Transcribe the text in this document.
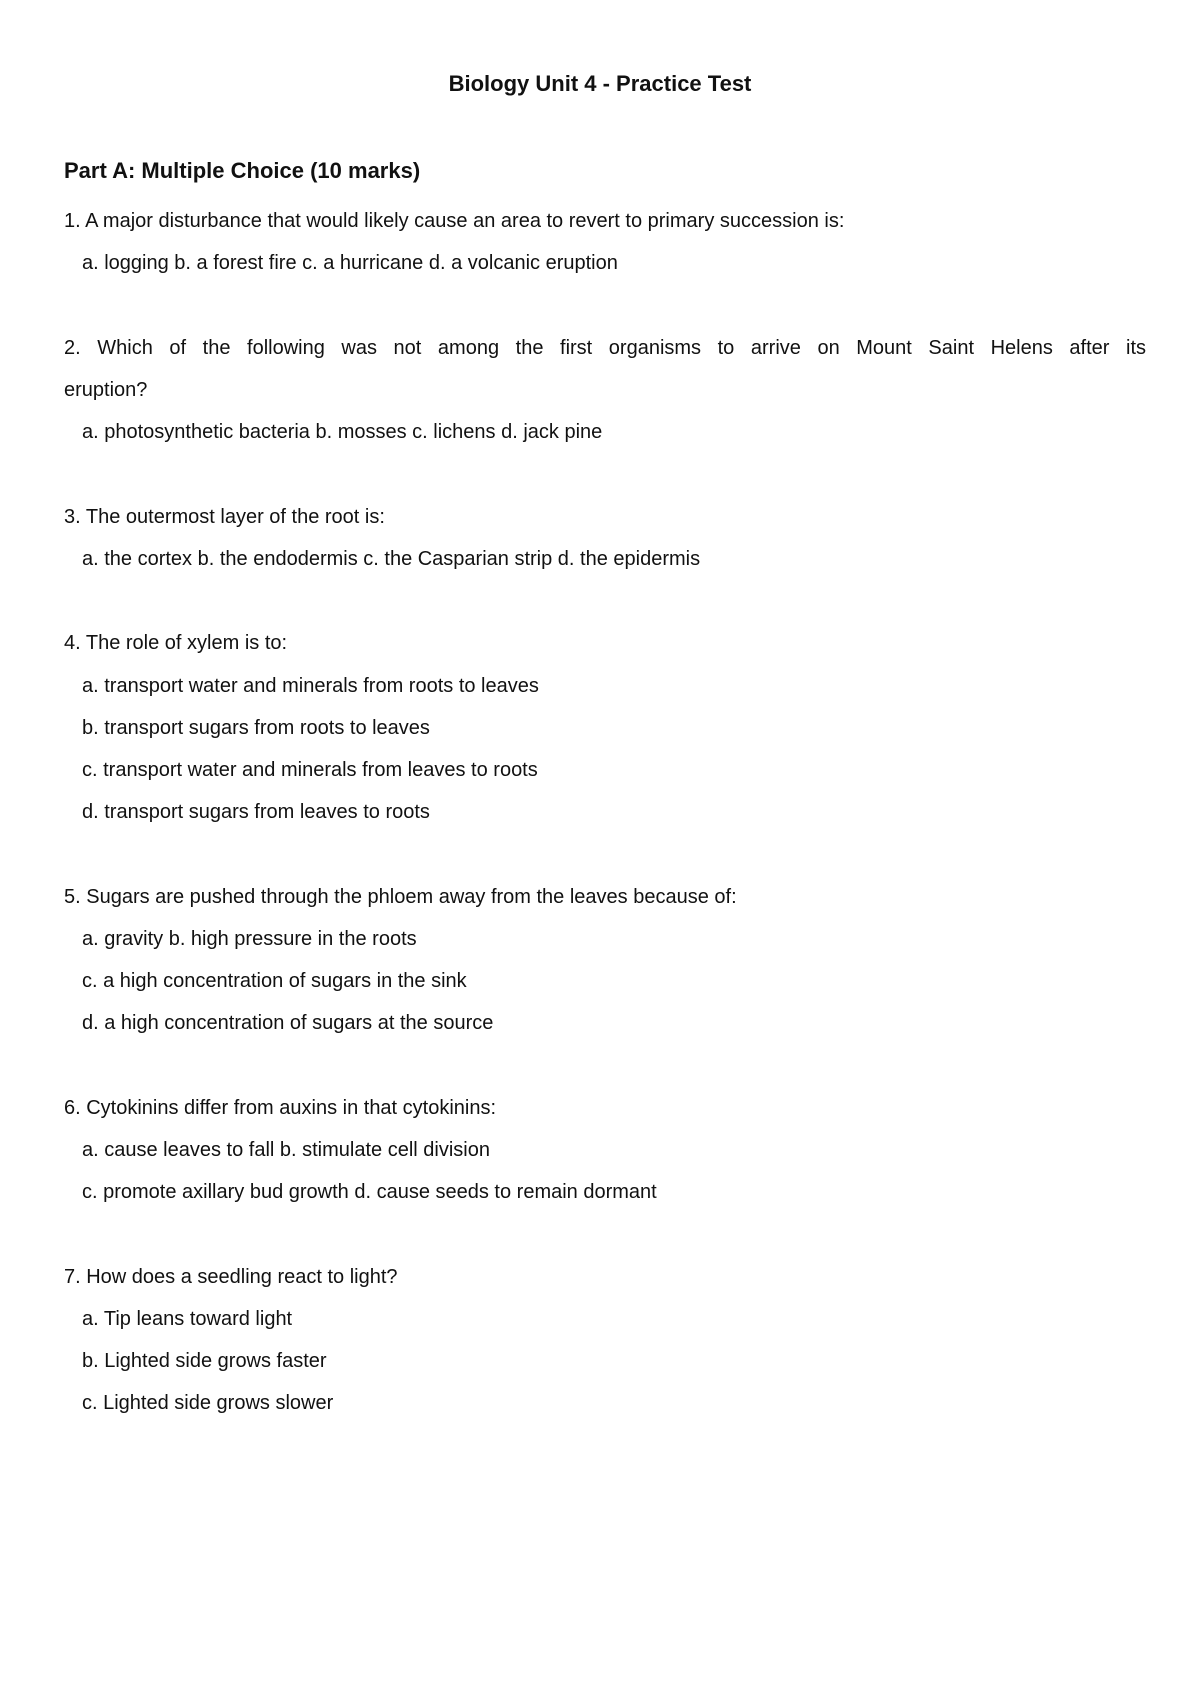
Biology Unit 4 - Practice Test
Part A: Multiple Choice (10 marks)
1. A major disturbance that would likely cause an area to revert to primary succession is:
a. logging b. a forest fire c. a hurricane d. a volcanic eruption
2. Which of the following was not among the first organisms to arrive on Mount Saint Helens after its
eruption?
a. photosynthetic bacteria b. mosses c. lichens d. jack pine
3. The outermost layer of the root is:
a. the cortex b. the endodermis c. the Casparian strip d. the epidermis
4. The role of xylem is to:
a. transport water and minerals from roots to leaves
b. transport sugars from roots to leaves
c. transport water and minerals from leaves to roots
d. transport sugars from leaves to roots
5. Sugars are pushed through the phloem away from the leaves because of:
a. gravity b. high pressure in the roots
c. a high concentration of sugars in the sink
d. a high concentration of sugars at the source
6. Cytokinins differ from auxins in that cytokinins:
a. cause leaves to fall b. stimulate cell division
c. promote axillary bud growth d. cause seeds to remain dormant
7. How does a seedling react to light?
a. Tip leans toward light
b. Lighted side grows faster
c. Lighted side grows slower
